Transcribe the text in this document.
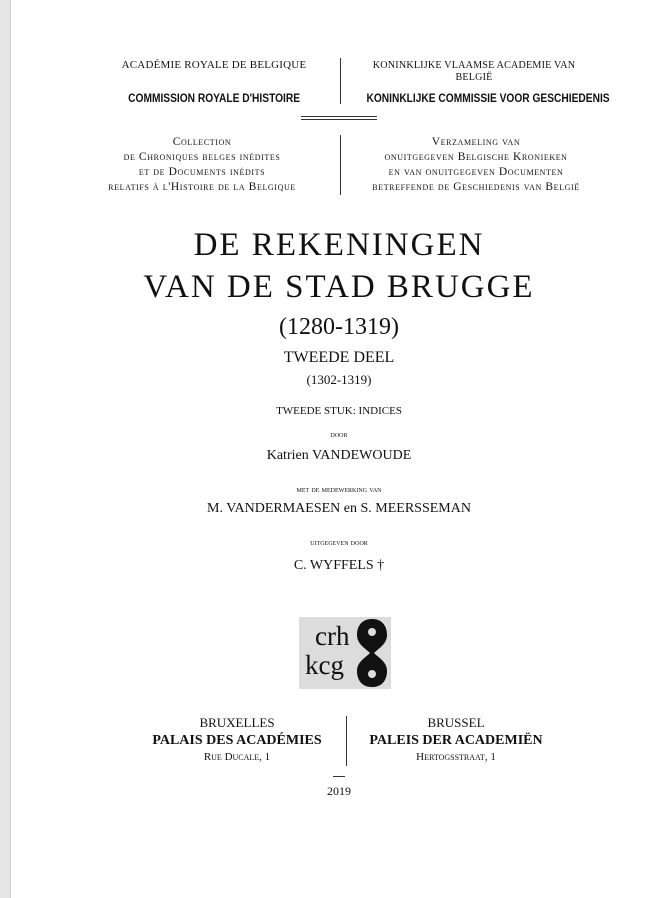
ACADÉMIE ROYALE DE BELGIQUE
COMMISSION ROYALE D'HISTOIRE
KONINKLIJKE VLAAMSE ACADEMIE VAN BELGIË
KONINKLIJKE COMMISSIE VOOR GESCHIEDENIS
Collection
de Chroniques belges inédites
et de Documents inédits
relatifs à l'Histoire de la Belgique
Verzameling van
onuitgegeven Belgische Kronieken
en van onuitgegeven Documenten
betreffende de Geschiedenis van België
DE REKENINGEN
VAN DE STAD BRUGGE
(1280-1319)
TWEEDE DEEL
(1302-1319)
TWEEDE STUK: INDICES
door
Katrien VANDEWOUDE
met de medewerking van
M. VANDERMAESEN en S. MEERSSEMAN
uitgegeven door
C. WYFFELS †
crh
kcg
BRUXELLES
PALAIS DES ACADÉMIES
Rue Ducale, 1
BRUSSEL
PALEIS DER ACADEMIËN
Hertogsstraat, 1
2019
